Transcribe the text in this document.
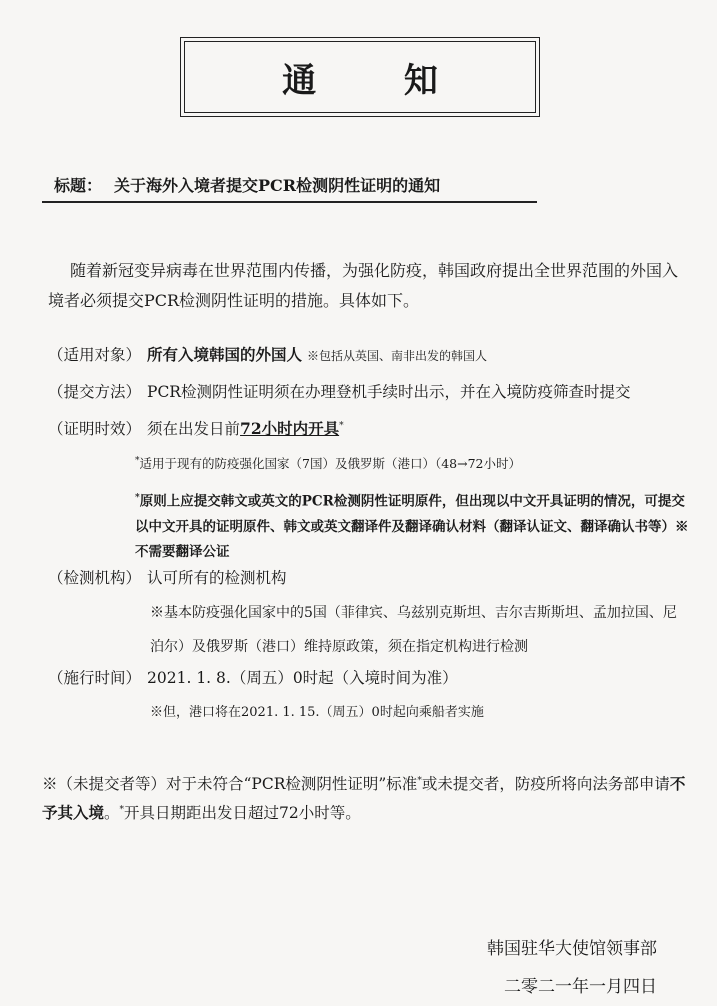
通 知
标题： 关于海外入境者提交PCR检测阴性证明的通知
随着新冠变异病毒在世界范围内传播，为强化防疫，韩国政府提出全世界范围的外国入境者必须提交PCR检测阴性证明的措施。具体如下。
（适用对象） 所有入境韩国的外国人 ※包括从英国、南非出发的韩国人
（提交方法） PCR检测阴性证明须在办理登机手续时出示，并在入境防疫筛查时提交
（证明时效） 须在出发日前72小时内开具*
*适用于现有的防疫强化国家（7国）及俄罗斯（港口）（48→72小时）
*原则上应提交韩文或英文的PCR检测阴性证明原件，但出现以中文开具证明的情况，可提交以中文开具的证明原件、韩文或英文翻译件及翻译确认材料（翻译认证文、翻译确认书等）※不需要翻译公证
（检测机构） 认可所有的检测机构
※基本防疫强化国家中的5国（菲律宾、乌兹别克斯坦、吉尔吉斯斯坦、孟加拉国、尼泊尔）及俄罗斯（港口）维持原政策，须在指定机构进行检测
（施行时间） 2021. 1. 8.（周五）0时起（入境时间为准）
※但，港口将在2021. 1. 15.（周五）0时起向乘船者实施
※（未提交者等）对于未符合“PCR检测阴性证明”标准*或未提交者，防疫所将向法务部申请不予其入境。*开具日期距出发日超过72小时等。
韩国驻华大使馆领事部
二零二一年一月四日
